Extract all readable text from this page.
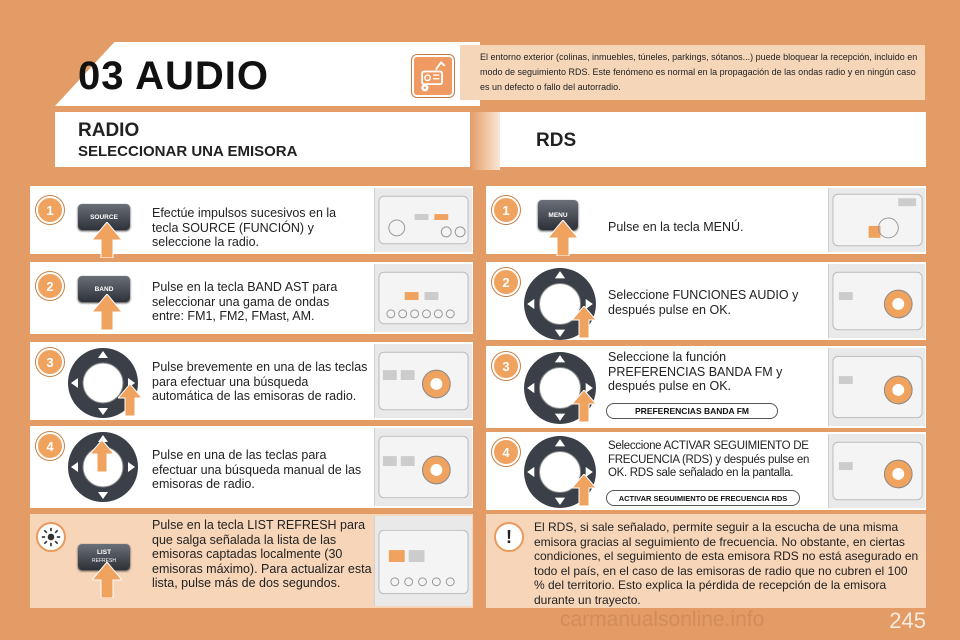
03 AUDIO	El entorno exterior (colinas, inmuebles, túneles, parkings, sótanos...) puede bloquear la recepción, incluido en modo de seguimiento RDS. Este fenómeno es normal en la propagación de las ondas radio y en ningún caso es un defecto o fallo del autorradio.
RADIO
SELECCIONAR UNA EMISORA
RDS
1	SOURCE	Efectúe impulsos sucesivos en la tecla SOURCE (FUNCIÓN) y seleccione la radio.
2	BAND	Pulse en la tecla BAND AST para seleccionar una gama de ondas entre: FM1, FM2, FMast, AM.
3	Pulse brevemente en una de las teclas para efectuar una búsqueda automática de las emisoras de radio.
4
Pulse en una de las teclas para efectuar una búsqueda manual de las emisoras de radio.
LIST
REFRESH
Pulse en la tecla LIST REFRESH para que salga señalada la lista de las emisoras captadas localmente (30 emisoras máximo). Para actualizar esta lista, pulse más de dos segundos.
1	MENU
Pulse en la tecla MENÚ.
2
Seleccione FUNCIONES AUDIO y después pulse en OK.
3
Seleccione la función PREFERENCIAS BANDA FM y después pulse en OK.
PREFERENCIAS BANDA FM
4	Seleccione ACTIVAR SEGUIMIENTO DE FRECUENCIA (RDS) y después pulse en OK. RDS sale señalado en la pantalla.
ACTIVAR SEGUIMIENTO DE FRECUENCIA RDS
!	El RDS, si sale señalado, permite seguir a la escucha de una misma emisora gracias al seguimiento de frecuencia. No obstante, en ciertas condiciones, el seguimiento de esta emisora RDS no está asegurado en todo el país, en el caso de las emisoras de radio que no cubren el 100 % del territorio. Esto explica la pérdida de recepción de la emisora durante un trayecto.
carmanualsonline.info	245
